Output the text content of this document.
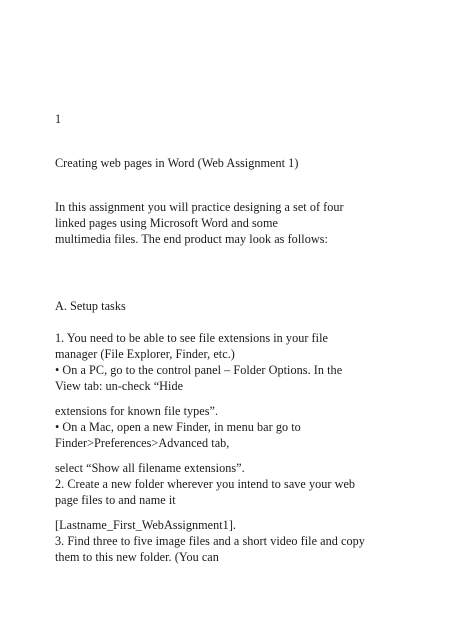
1
Creating web pages in Word (Web Assignment 1)
In this assignment you will practice designing a set of four
linked pages using Microsoft Word and some
multimedia files. The end product may look as follows:
A. Setup tasks
1. You need to be able to see file extensions in your file
manager (File Explorer, Finder, etc.)
• On a PC, go to the control panel – Folder Options. In the
View tab: un-check “Hide
extensions for known file types”.
• On a Mac, open a new Finder, in menu bar go to
Finder>Preferences>Advanced tab,
select “Show all filename extensions”.
2. Create a new folder wherever you intend to save your web
page files to and name it
[Lastname_First_WebAssignment1].
3. Find three to five image files and a short video file and copy
them to this new folder. (You can
